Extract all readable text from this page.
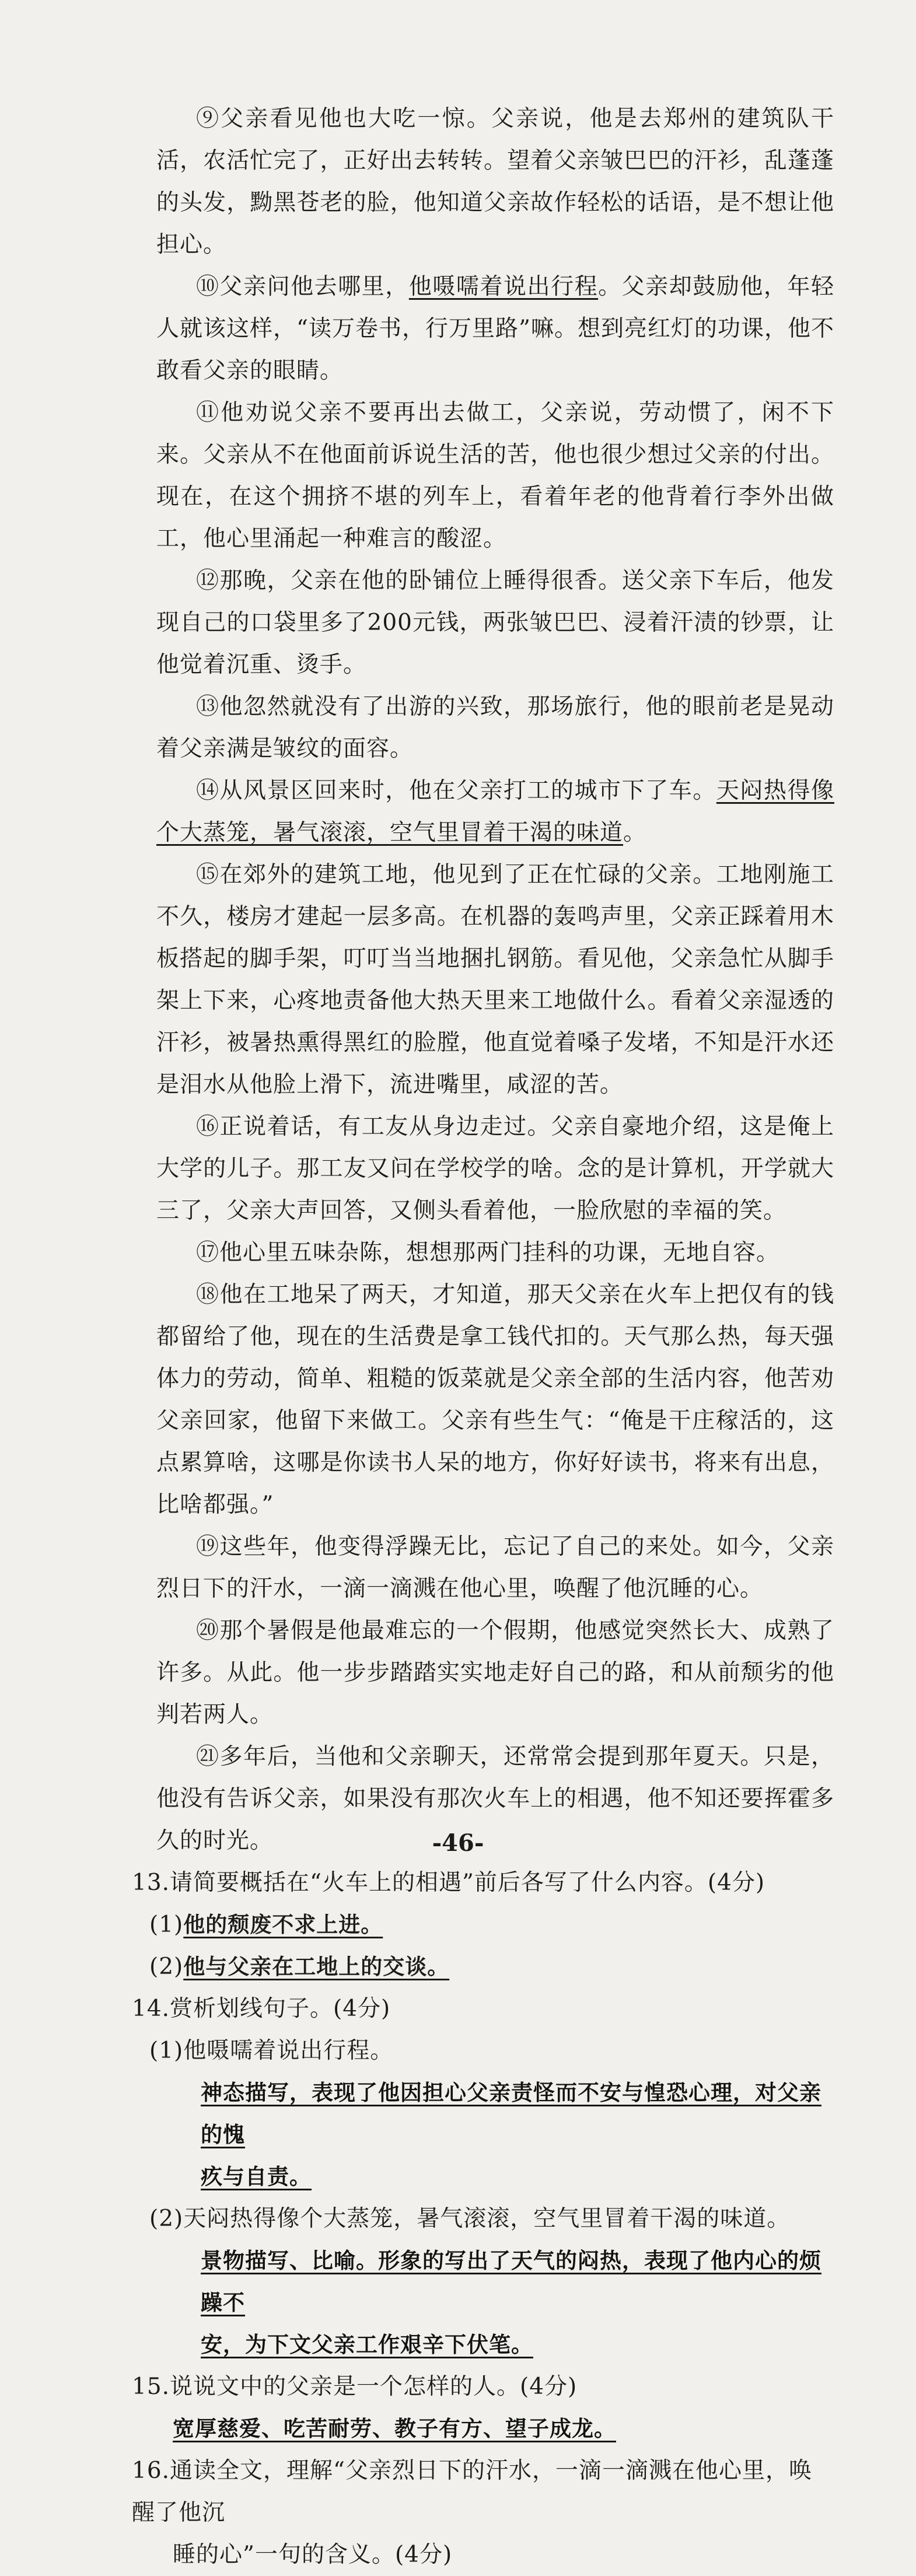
⑨父亲看见他也大吃一惊。父亲说，他是去郑州的建筑队干活，农活忙完了，正好出去转转。望着父亲皱巴巴的汗衫，乱蓬蓬的头发，黝黑苍老的脸，他知道父亲故作轻松的话语，是不想让他担心。

⑩父亲问他去哪里，他嗫嚅着说出行程。父亲却鼓励他，年轻人就该这样，“读万卷书，行万里路”嘛。想到亮红灯的功课，他不敢看父亲的眼睛。

⑪他劝说父亲不要再出去做工，父亲说，劳动惯了，闲不下来。父亲从不在他面前诉说生活的苦，他也很少想过父亲的付出。现在，在这个拥挤不堪的列车上，看着年老的他背着行李外出做工，他心里涌起一种难言的酸涩。

⑫那晚，父亲在他的卧铺位上睡得很香。送父亲下车后，他发现自己的口袋里多了200元钱，两张皱巴巴、浸着汗渍的钞票，让他觉着沉重、烫手。

⑬他忽然就没有了出游的兴致，那场旅行，他的眼前老是晃动着父亲满是皱纹的面容。

⑭从风景区回来时，他在父亲打工的城市下了车。天闷热得像个大蒸笼，暑气滚滚，空气里冒着干渴的味道。

⑮在郊外的建筑工地，他见到了正在忙碌的父亲。工地刚施工不久，楼房才建起一层多高。在机器的轰鸣声里，父亲正踩着用木板搭起的脚手架，叮叮当当地捆扎钢筋。看见他，父亲急忙从脚手架上下来，心疼地责备他大热天里来工地做什么。看着父亲湿透的汗衫，被暑热熏得黑红的脸膛，他直觉着嗓子发堵，不知是汗水还是泪水从他脸上滑下，流进嘴里，咸涩的苦。

⑯正说着话，有工友从身边走过。父亲自豪地介绍，这是俺上大学的儿子。那工友又问在学校学的啥。念的是计算机，开学就大三了，父亲大声回答，又侧头看着他，一脸欣慰的幸福的笑。

⑰他心里五味杂陈，想想那两门挂科的功课，无地自容。

⑱他在工地呆了两天，才知道，那天父亲在火车上把仅有的钱都留给了他，现在的生活费是拿工钱代扣的。天气那么热，每天强体力的劳动，简单、粗糙的饭菜就是父亲全部的生活内容，他苦劝父亲回家，他留下来做工。父亲有些生气：“俺是干庄稼活的，这点累算啥，这哪是你读书人呆的地方，你好好读书，将来有出息，比啥都强。”

⑲这些年，他变得浮躁无比，忘记了自己的来处。如今，父亲烈日下的汗水，一滴一滴溅在他心里，唤醒了他沉睡的心。

⑳那个暑假是他最难忘的一个假期，他感觉突然长大、成熟了许多。从此。他一步步踏踏实实地走好自己的路，和从前颓劣的他判若两人。

㉑多年后，当他和父亲聊天，还常常会提到那年夏天。只是，他没有告诉父亲，如果没有那次火车上的相遇，他不知还要挥霍多久的时光。

13.请简要概括在“火车上的相遇”前后各写了什么内容。(4分)

(1)他的颓废不求上进。

(2)他与父亲在工地上的交谈。

14.赏析划线句子。(4分)

(1)他嗫嚅着说出行程。

神态描写，表现了他因担心父亲责怪而不安与惶恐心理，对父亲的愧

疚与自责。

(2)天闷热得像个大蒸笼，暑气滚滚，空气里冒着干渴的味道。

景物描写、比喻。形象的写出了天气的闷热，表现了他内心的烦躁不

安，为下文父亲工作艰辛下伏笔。

15.说说文中的父亲是一个怎样的人。(4分)

宽厚慈爱、吃苦耐劳、教子有方、望子成龙。

16.通读全文，理解“父亲烈日下的汗水，一滴一滴溅在他心里，唤醒了他沉

睡的心”一句的含义。(4分)

-46-
